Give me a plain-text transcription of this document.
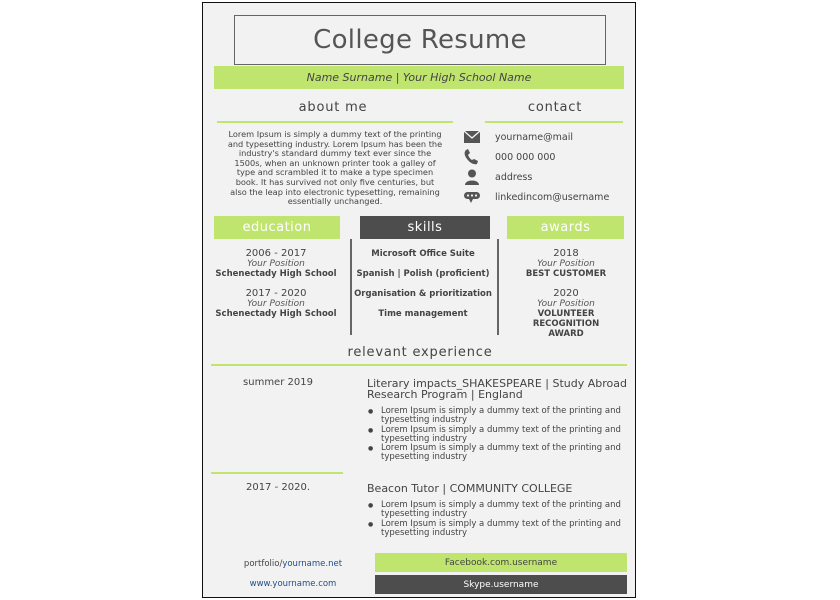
College Resume
Name Surname | Your High School Name
about me
Lorem Ipsum is simply a dummy text of the printing and typesetting industry. Lorem Ipsum has been the industry's standard dummy text ever since the 1500s, when an unknown printer took a galley of type and scrambled it to make a type specimen book. It has survived not only five centuries, but also the leap into electronic typesetting, remaining essentially unchanged.
contact
yourname@mail
000 000 000
address
linkedincom@username
education	skills	awards
2006 - 2017
Your Position
Schenectady High School
2017 - 2020
Your Position
Schenectady High School
Microsoft Office Suite
Spanish | Polish (proficient)
Organisation & prioritization
Time management
2018
Your Position
BEST CUSTOMER
2020
Your Position
VOLUNTEER RECOGNITION AWARD
relevant experience
summer 2019	Literary impacts_SHAKESPEARE | Study Abroad Research Program | England
● Lorem Ipsum is simply a dummy text of the printing and typesetting industry
● Lorem Ipsum is simply a dummy text of the printing and typesetting industry
● Lorem Ipsum is simply a dummy text of the printing and typesetting industry
2017 - 2020.	Beacon Tutor | COMMUNITY COLLEGE
● Lorem Ipsum is simply a dummy text of the printing and typesetting industry
● Lorem Ipsum is simply a dummy text of the printing and typesetting industry
portfolio/yourname.net
www.yourname.com
Facebook.com.username
Skype.username
